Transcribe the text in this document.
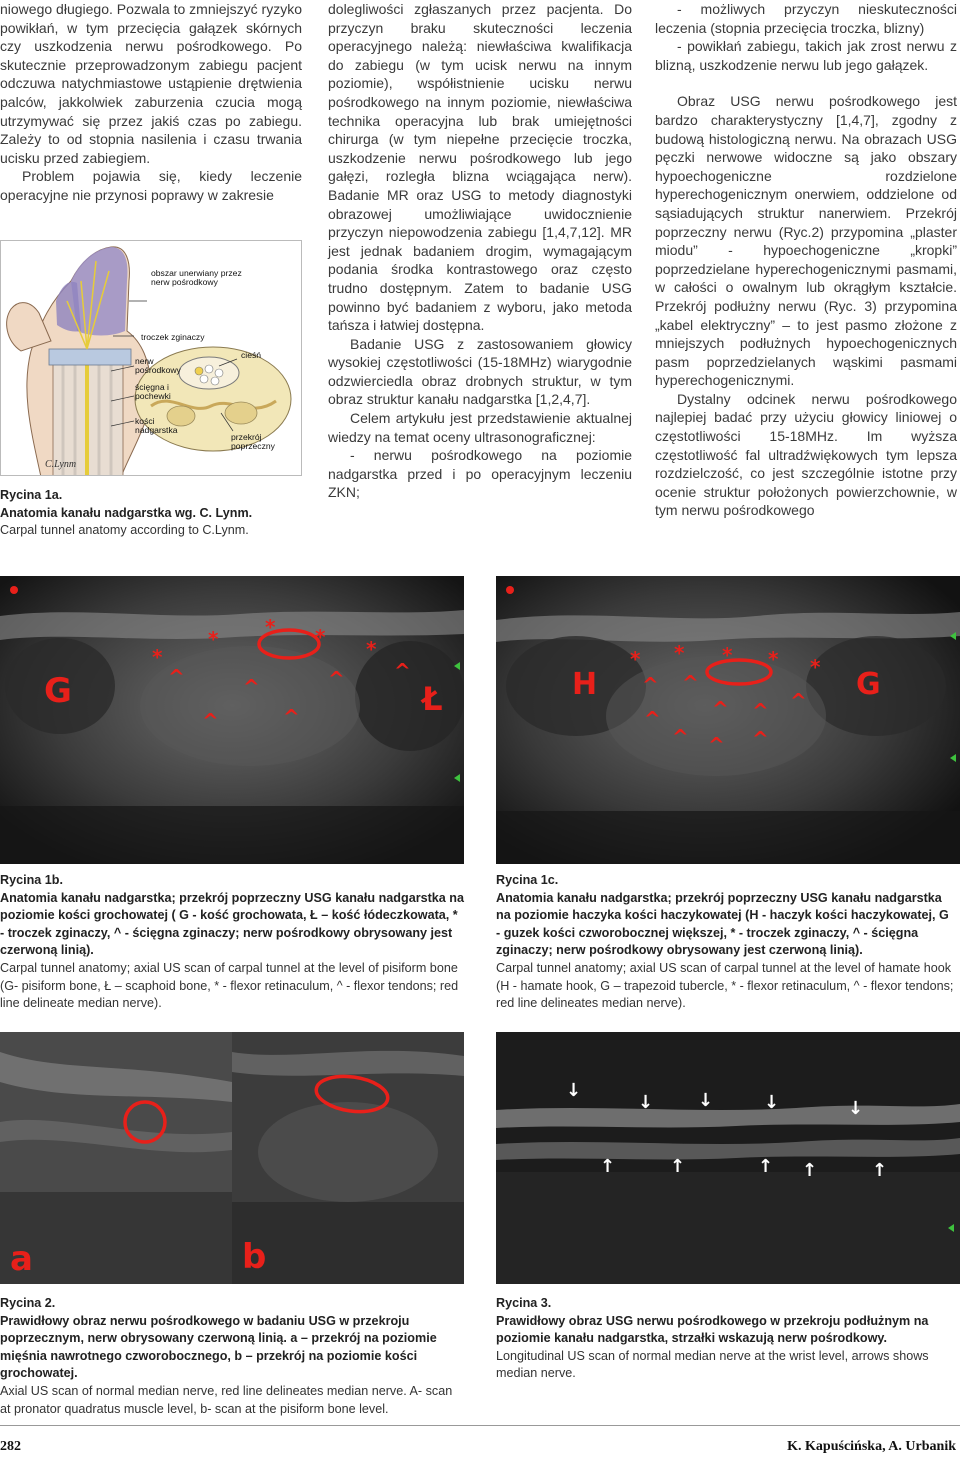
niowego długiego. Pozwala to zmniejszyć ryzyko powikłań, w tym przecięcia gałązek skórnych czy uszkodzenia nerwu pośrodkowego. Po skutecznie przeprowadzonym zabiegu pacjent odczuwa natychmiastowe ustąpienie drętwienia palców, jakkolwiek zaburzenia czucia mogą utrzymywać się przez jakiś czas po zabiegu. Zależy to od stopnia nasilenia i czasu trwania ucisku przed zabiegiem.

Problem pojawia się, kiedy leczenie operacyjne nie przynosi poprawy w zakresie

obszar unerwiany przez
nerw pośrodkowy
troczek zginaczy
nerw
pośrodkowy
ścięgna i
pochewki
kości
nadgarstka
cieśń
przekrój
poprzeczny
C.Lynm
Rycina 1a.
Anatomia kanału nadgarstka wg. C. Lynm.
Carpal tunnel anatomy according to C.Lynm.

dolegliwości zgłaszanych przez pacjenta. Do przyczyn braku skuteczności leczenia operacyjnego należą: niewłaściwa kwalifikacja do zabiegu (w tym ucisk nerwu na innym poziomie), współistnienie ucisku nerwu pośrodkowego na innym poziomie, niewłaściwa technika operacyjna lub brak umiejętności chirurga (w tym niepełne przecięcie troczka, uszkodzenie nerwu pośrodkowego lub jego gałęzi, rozległa blizna wciągająca nerw). Badanie MR oraz USG to metody diagnostyki obrazowej umożliwiające uwidocznienie przyczyn niepowodzenia zabiegu [1,4,7,12]. MR jest jednak badaniem drogim, wymagającym podania środka kontrastowego oraz często trudno dostępnym. Zatem to badanie USG powinno być badaniem z wyboru, jako metoda tańsza i łatwiej dostępna.

Badanie USG z zastosowaniem głowicy wysokiej częstotliwości (15-18MHz) wiarygodnie odzwierciedla obraz drobnych struktur, w tym obraz struktur kanału nadgarstka [1,2,4,7].

Celem artykułu jest przedstawienie aktualnej wiedzy na temat oceny ultrasonograficznej:

- nerwu pośrodkowego na poziomie nadgarstka przed i po operacyjnym leczeniu ZKN;

- możliwych przyczyn nieskuteczności leczenia (stopnia przecięcia troczka, blizny)

- powikłań zabiegu, takich jak zrost nerwu z blizną, uszkodzenie nerwu lub jego gałązek.

Obraz USG nerwu pośrodkowego jest bardzo charakterystyczny [1,4,7], zgodny z budową histologiczną nerwu. Na obrazach USG pęczki nerwowe widoczne są jako obszary hypoechogeniczne rozdzielone hyperechogenicznym onerwiem, oddzielone od sąsiadujących struktur nanerwiem. Przekrój poprzeczny nerwu (Ryc.2) przypomina „plaster miodu” - hypoechogeniczne „kropki” poprzedzielane hyperechogenicznymi pasmami, w całości o owalnym lub okrągłym kształcie. Przekrój podłużny nerwu (Ryc. 3) przypomina „kabel elektryczny” – to jest pasmo złożone z mniejszych podłużnych hypoechogenicznych pasm poprzedzielanych wąskimi pasmami hyperechogenicznymi.

Dystalny odcinek nerwu pośrodkowego najlepiej badać przy użyciu głowicy liniowej o częstotliwości 15-18MHz. Im wyższa częstotliwość fal ultradźwiękowych tym lepsza rozdzielczość, co jest szczególnie istotne przy ocenie struktur położonych powierzchownie, w tym nerwu pośrodkowego

*
* * * *
^	^	^ ^
^	^
G	Ł
* * * * *
^ ^
^ ^ ^
^
^ ^ ^
H	G
Rycina 1b.
Anatomia kanału nadgarstka; przekrój poprzeczny USG kanału nadgarstka na poziomie kości grochowatej ( G - kość grochowata, Ł – kość łódeczkowata, * - troczek zginaczy, ^ - ścięgna zginaczy; nerw pośrodkowy obrysowany jest czerwoną linią).
Carpal tunnel anatomy; axial US scan of carpal tunnel at the level of pisiform bone (G- pisiform bone, Ł – scaphoid bone, * - flexor retinaculum, ^ - flexor tendons; red line delineate median nerve).
Rycina 1c.
Anatomia kanału nadgarstka; przekrój poprzeczny USG kanału nadgarstka na poziomie haczyka kości haczykowatej (H - haczyk kości haczykowatej, G - guzek kości czworobocznej większej, * - troczek zginaczy, ^ - ścięgna zginaczy; nerw pośrodkowy obrysowany jest czerwoną linią).
Carpal tunnel anatomy; axial US scan of carpal tunnel at the level of hamate hook (H - hamate hook, G – trapezoid tubercle, * - flexor retinaculum, ^ - flexor tendons; red line delineates median nerve).
a	b
↓
↓ ↓	↓	↓
↑	↑	↑ ↑	↑
Rycina 2.
Prawidłowy obraz nerwu pośrodkowego w badaniu USG w przekroju poprzecznym, nerw obrysowany czerwoną linią. a – przekrój na poziomie mięśnia nawrotnego czworobocznego, b – przekrój na poziomie kości grochowatej.
Axial US scan of normal median nerve, red line delineates median nerve. A- scan at pronator quadratus muscle level, b- scan at the pisiform bone level.
Rycina 3.
Prawidłowy obraz USG nerwu pośrodkowego w przekroju podłużnym na poziomie kanału nadgarstka, strzałki wskazują nerw pośrodkowy.
Longitudinal US scan of normal median nerve at the wrist level, arrows shows median nerve.
282	K. Kapuścińska, A. Urbanik
